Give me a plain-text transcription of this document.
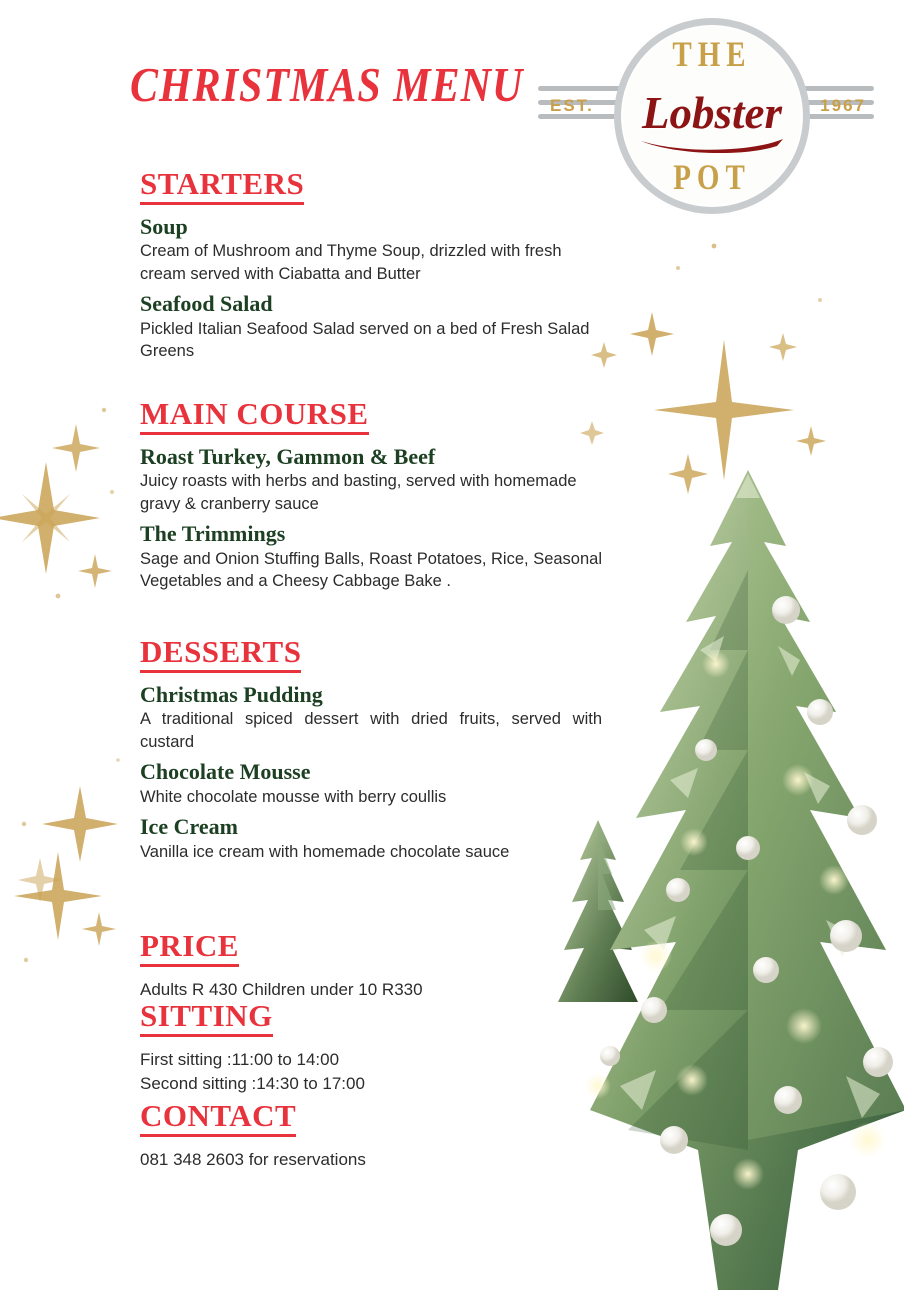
EST.	1967
THE
Lobster
POT
CHRISTMAS MENU
STARTERS
Soup
Cream of Mushroom and Thyme Soup, drizzled with fresh cream served with Ciabatta and Butter
Seafood Salad
Pickled Italian Seafood Salad served on a bed of Fresh Salad Greens
MAIN COURSE
Roast Turkey, Gammon & Beef
Juicy roasts with herbs and basting, served with homemade gravy & cranberry sauce
The Trimmings
Sage and Onion Stuffing Balls, Roast Potatoes, Rice, Seasonal Vegetables and a Cheesy Cabbage Bake .
DESSERTS
Christmas Pudding
A traditional spiced dessert with dried fruits, served with custard
Chocolate Mousse
White chocolate mousse with berry coullis
Ice Cream
Vanilla ice cream with homemade chocolate sauce
PRICE
Adults R 430 Children under 10 R330
SITTING
First sitting :11:00 to 14:00
Second sitting :14:30 to 17:00
CONTACT
081 348 2603 for reservations
